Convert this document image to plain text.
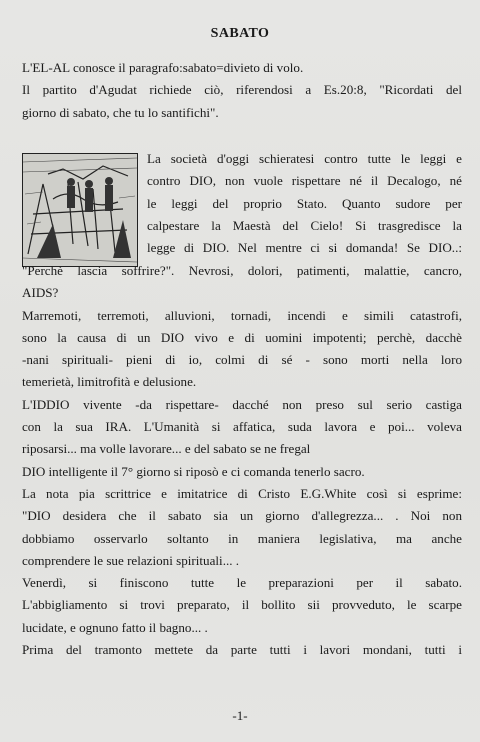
SABATO
L'EL-AL conosce il paragrafo:sabato=divieto di volo.
Il partito d'Agudat richiede ciò, riferendosi a Es.20:8, "Ricordati del
giorno di sabato, che tu lo santifichi".
La società d'oggi schieratesi contro tutte le leggi e
contro DIO, non vuole rispettare né il Decalogo, né
le leggi del proprio Stato. Quanto sudore per
calpestare la Maestà del Cielo! Si trasgredisce la
legge di DIO. Nel mentre ci si domanda! Se DIO..:
"Perchè lascia soffrire?". Nevrosi, dolori, patimenti, malattie, cancro,
AIDS?
Marremoti, terremoti, alluvioni, tornadi, incendi e simili catastrofi,
sono la causa di un DIO vivo e di uomini impotenti; perchè, dacchè
-nani spirituali- pieni di io, colmi di sé - sono morti nella loro
temerietà, limitrofità e delusione.
L'IDDIO vivente -da rispettare- dacché non preso sul serio castiga
con la sua IRA. L'Umanità si affatica, suda lavora e poi... voleva
riposarsi... ma volle lavorare... e del sabato se ne fregal
DIO intelligente il 7° giorno si riposò e ci comanda tenerlo sacro.
La nota pia scrittrice e imitatrice di Cristo E.G.White così si esprime:
"DIO desidera che il sabato sia un giorno d'allegrezza... . Noi non
dobbiamo osservarlo soltanto in maniera legislativa, ma anche
comprendere le sue relazioni spirituali... .
Venerdì, si finiscono tutte le preparazioni per il sabato.
L'abbigliamento si trovi preparato, il bollito sii provveduto, le scarpe
lucidate, e ognuno fatto il bagno... .
Prima del tramonto mettete da parte tutti i lavori mondani, tutti i
-1-
